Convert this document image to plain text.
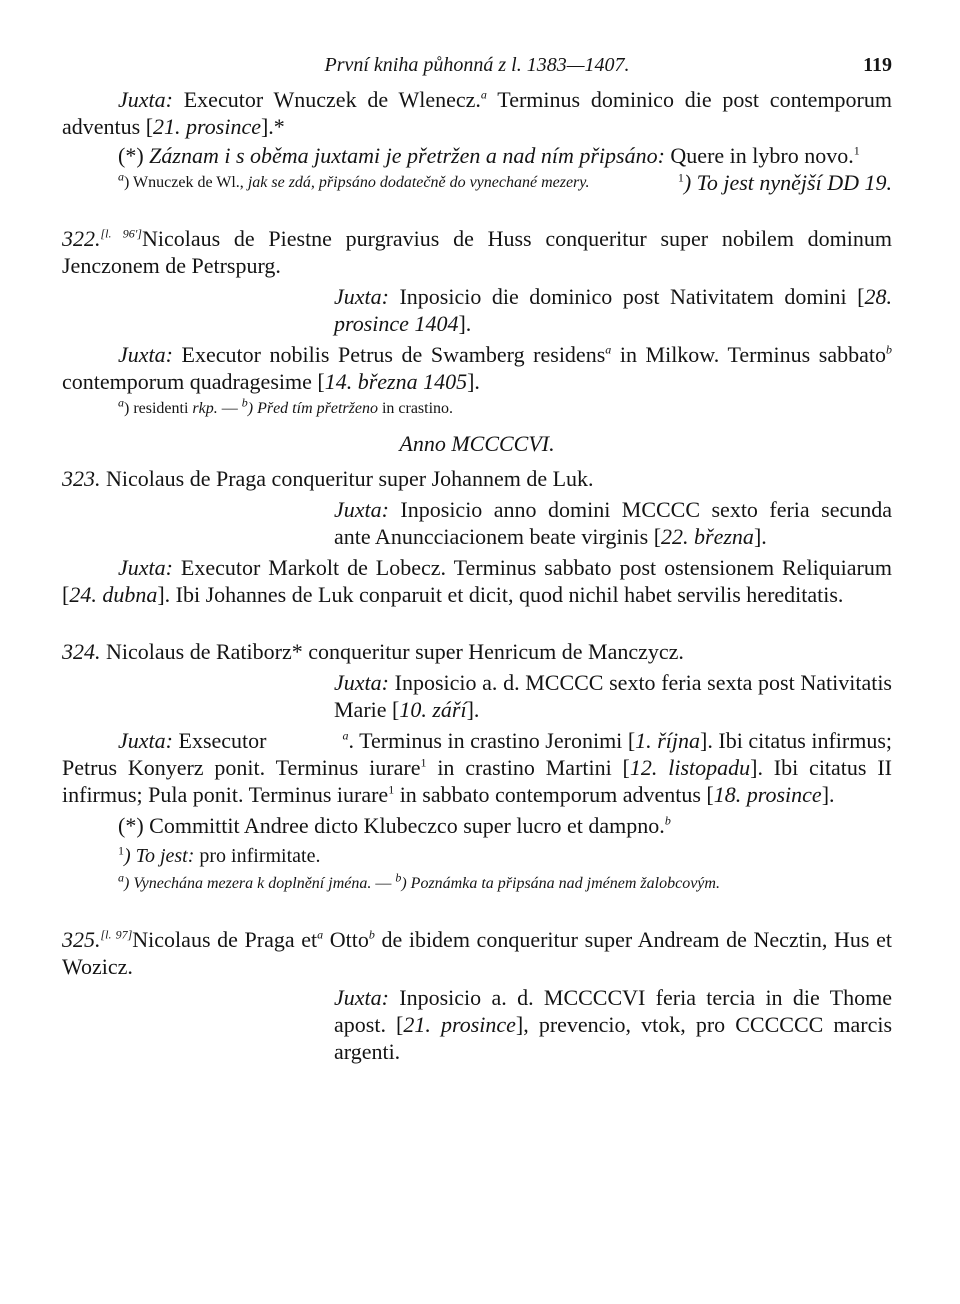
První kniha půhonná z l. 1383—1407.	119

Juxta: Executor Wnuczek de Wlenecz.$^a$ Terminus dominico die post contemporum adventus [21. prosince].*

(*) Záznam i s oběma juxtami je přetržen a nad ním připsáno: Quere in lybro novo.$^1$
$^1$) To jest nynější DD 19.

$^a$) Wnuczek de Wl., jak se zdá, připsáno dodatečně do vynechané mezery.

322.[l. 96']Nicolaus de Piestne purgravius de Huss conqueritur super nobilem dominum Jenczonem de Petrspurg.

Juxta: Inposicio die dominico post Nativitatem domini [28. prosince 1404].

Juxta: Executor nobilis Petrus de Swamberg residens$^a$ in Milkow. Terminus sabbato$^b$ contemporum quadragesime [14. března 1405].

$^a$) residenti rkp. — $^b$) Před tím přetrženo in crastino.

Anno MCCCCVI.

323. Nicolaus de Praga conqueritur super Johannem de Luk.

Juxta: Inposicio anno domini MCCCC sexto feria secunda ante Anuncciacionem beate virginis [22. března].

Juxta: Executor Markolt de Lobecz. Terminus sabbato post ostensionem Reliquiarum [24. dubna]. Ibi Johannes de Luk conparuit et dicit, quod nichil habet servilis hereditatis.

324. Nicolaus de Ratiborz* conqueritur super Henricum de Manczycz.

Juxta: Inposicio a. d. MCCCC sexto feria sexta post Nativitatis Marie [10. září].

Juxta: Exsecutor	$^a$. Terminus in crastino Jeronimi [1. října]. Ibi citatus infirmus; Petrus Konyerz ponit. Terminus iurare$^1$ in crastino Martini [12. listopadu]. Ibi citatus II infirmus; Pula ponit. Terminus iurare$^1$ in sabbato contemporum adventus [18. prosince].

(*) Committit Andree dicto Klubeczco super lucro et dampno.$^b$

$^1$) To jest: pro infirmitate.

$^a$) Vynechána mezera k doplnění jména. — $^b$) Poznámka ta připsána nad jménem žalobcovým.

325.[l. 97]Nicolaus de Praga $et^a$ Otto$^b$ de ibidem conqueritur super Andream de Necztin, Hus et Wozicz.

Juxta: Inposicio a. d. MCCCCVI feria tercia in die Thome apost. [21. prosince], prevencio, vtok, pro CCCCCC marcis argenti.
